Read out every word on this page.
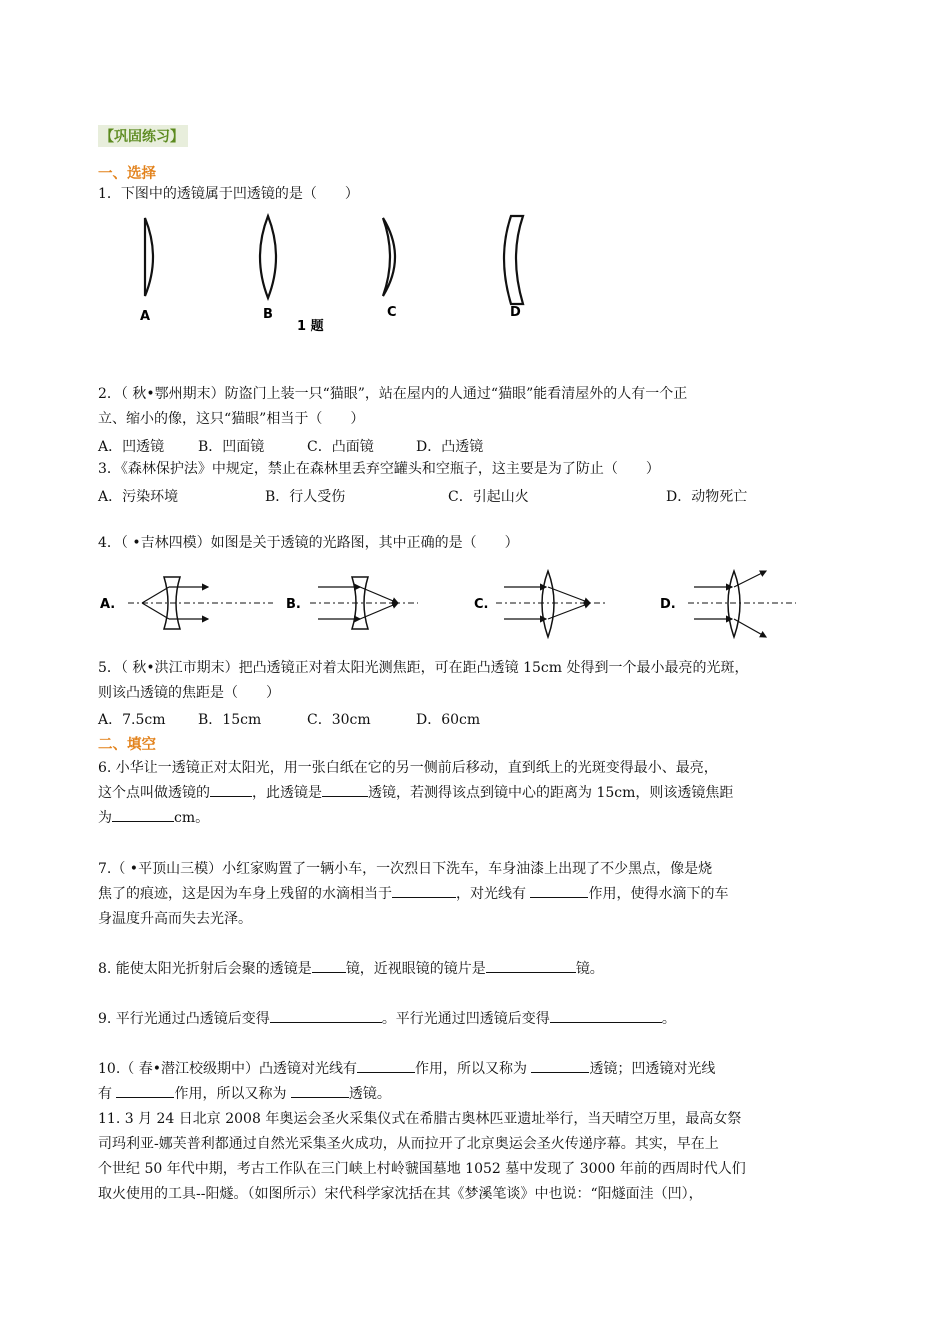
【巩固练习】
一、选择
1．下图中的透镜属于凹透镜的是（　　）
A	B	C	D
1 题
2．（ 秋•鄂州期末）防盗门上装一只“猫眼”，站在屋内的人通过“猫眼”能看清屋外的人有一个正
立、缩小的像，这只“猫眼”相当于（　　）
A．凹透镜 B．凹面镜	C．凸面镜	D．凸透镜
3．《森林保护法》中规定，禁止在森林里丢弃空罐头和空瓶子，这主要是为了防止（　　）
A．污染环境	B．行人受伤	C．引起山火	D．动物死亡
4．（ •吉林四模）如图是关于透镜的光路图，其中正确的是（　　）
A.	B.	C.	D.
5．（ 秋•洪江市期末）把凸透镜正对着太阳光测焦距，可在距凸透镜 15cm 处得到一个最小最亮的光斑，
则该凸透镜的焦距是（　　）
A．7.5cm B．15cm	C．30cm	D．60cm
二、填空
6. 小华让一透镜正对太阳光，用一张白纸在它的另一侧前后移动，直到纸上的光斑变得最小、最亮，
这个点叫做透镜的	，此透镜是	透镜，若测得该点到镜中心的距离为 15cm，则该透镜焦距
为	cm。
7.（ •平顶山三模）小红家购置了一辆小车，一次烈日下洗车，车身油漆上出现了不少黑点，像是烧
焦了的痕迹，这是因为车身上残留的水滴相当于	，对光线有	作用，使得水滴下的车
身温度升高而失去光泽。
8. 能使太阳光折射后会聚的透镜是 镜，近视眼镜的镜片是	镜。
9. 平行光通过凸透镜后变得	。平行光通过凹透镜后变得	。
10.（ 春•潜江校级期中）凸透镜对光线有	作用，所以又称为	透镜；凹透镜对光线
有	作用，所以又称为	透镜。
11. 3 月 24 日北京 2008 年奥运会圣火采集仪式在希腊古奥林匹亚遗址举行，当天晴空万里，最高女祭
司玛利亚-娜芙普利都通过自然光采集圣火成功，从而拉开了北京奥运会圣火传递序幕。其实，早在上
个世纪 50 年代中期，考古工作队在三门峡上村岭虢国墓地 1052 墓中发现了 3000 年前的西周时代人们
取火使用的工具--阳燧。（如图所示）宋代科学家沈括在其《梦溪笔谈》中也说：“阳燧面洼（凹），
